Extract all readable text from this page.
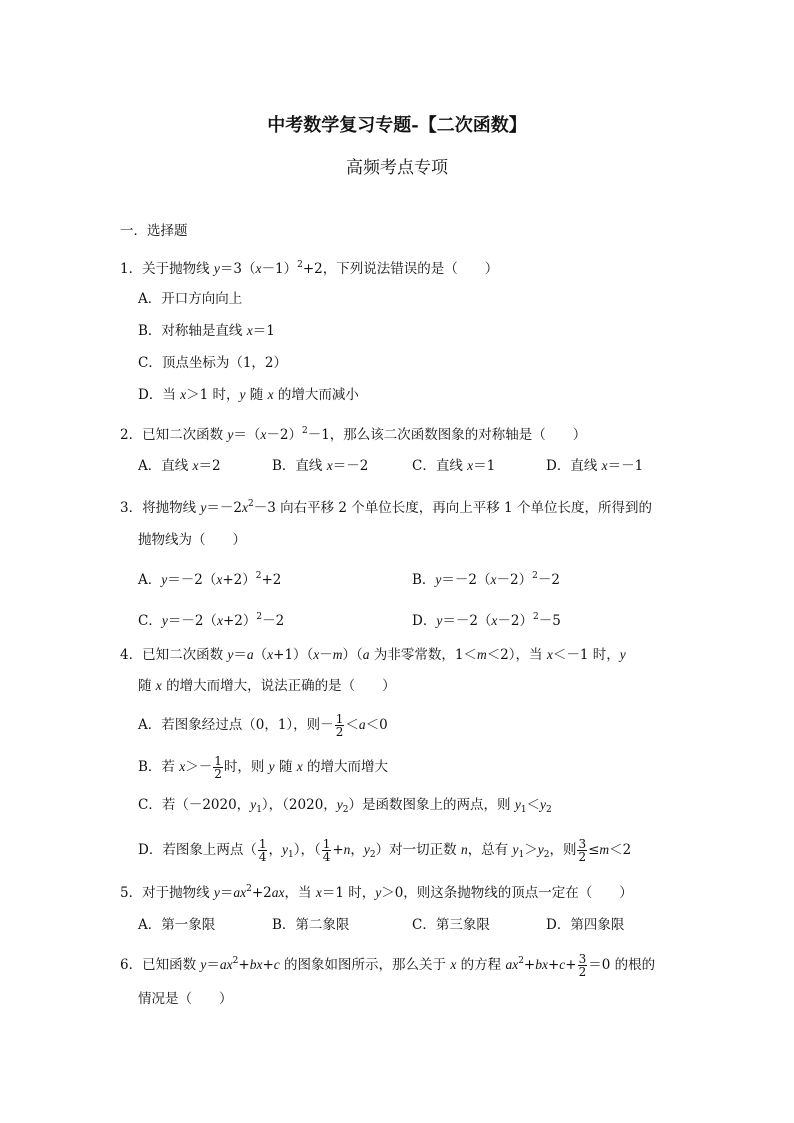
中考数学复习专题-【二次函数】
高频考点专项
一．选择题
1．关于抛物线 $y=3(x-1)^2+2$，下列说法错误的是（　　）
A．开口方向向上
B．对称轴是直线 x＝1
C．顶点坐标为（1，2）
D．当 x＞1 时，y 随 x 的增大而减小
2．已知二次函数 $y=(x-2)^2-1$，那么该二次函数图象的对称轴是（　　）
A．直线 x＝2	B．直线 x＝－2	C．直线 x＝1	D．直线 x＝－1
3．将抛物线 $y=-2x^2-3$ 向右平移 2 个单位长度，再向上平移 1 个单位长度，所得到的
抛物线为（　　）
A．$y=-2(x+2)^2+2$	B．$y=-2(x-2)^2-2$
C．$y=-2(x+2)^2-2$	D．$y=-2(x-2)^2-5$
4．已知二次函数 y＝a（x+1）（x－m）（a 为非零常数，1＜m＜2），当 x＜－1 时，y
随 x 的增大而增大，说法正确的是（　　）
A．若图象经过点（0，1），则－ $\frac{1}{2} <a<0$
B．若 $x>- \frac{1}{2}$ 时，则 y 随 x 的增大而增大
C．若（－2020，$y_1$），（2020，$y_2$）是函数图象上的两点，则 $y_1<y_2$
D．若图象上两点（ $\frac{1}{4}$ ，$y_1$），（ $\frac{1}{4} +n$，$y_2$）对一切正数 n，总有 $y_1>y_2$，则 $\frac{3}{2} \le m<2$
5．对于抛物线 $y=ax^2+2ax$，当 x＝1 时，y＞0，则这条抛物线的顶点一定在（　　）
A．第一象限	B．第二象限	C．第三象限	D．第四象限
6．已知函数 $y=ax^2+bx+c$ 的图象如图所示，那么关于 x 的方程 $ax^2+bx+c+ \frac{3}{2} =0$ 的根的
情况是（　　）
